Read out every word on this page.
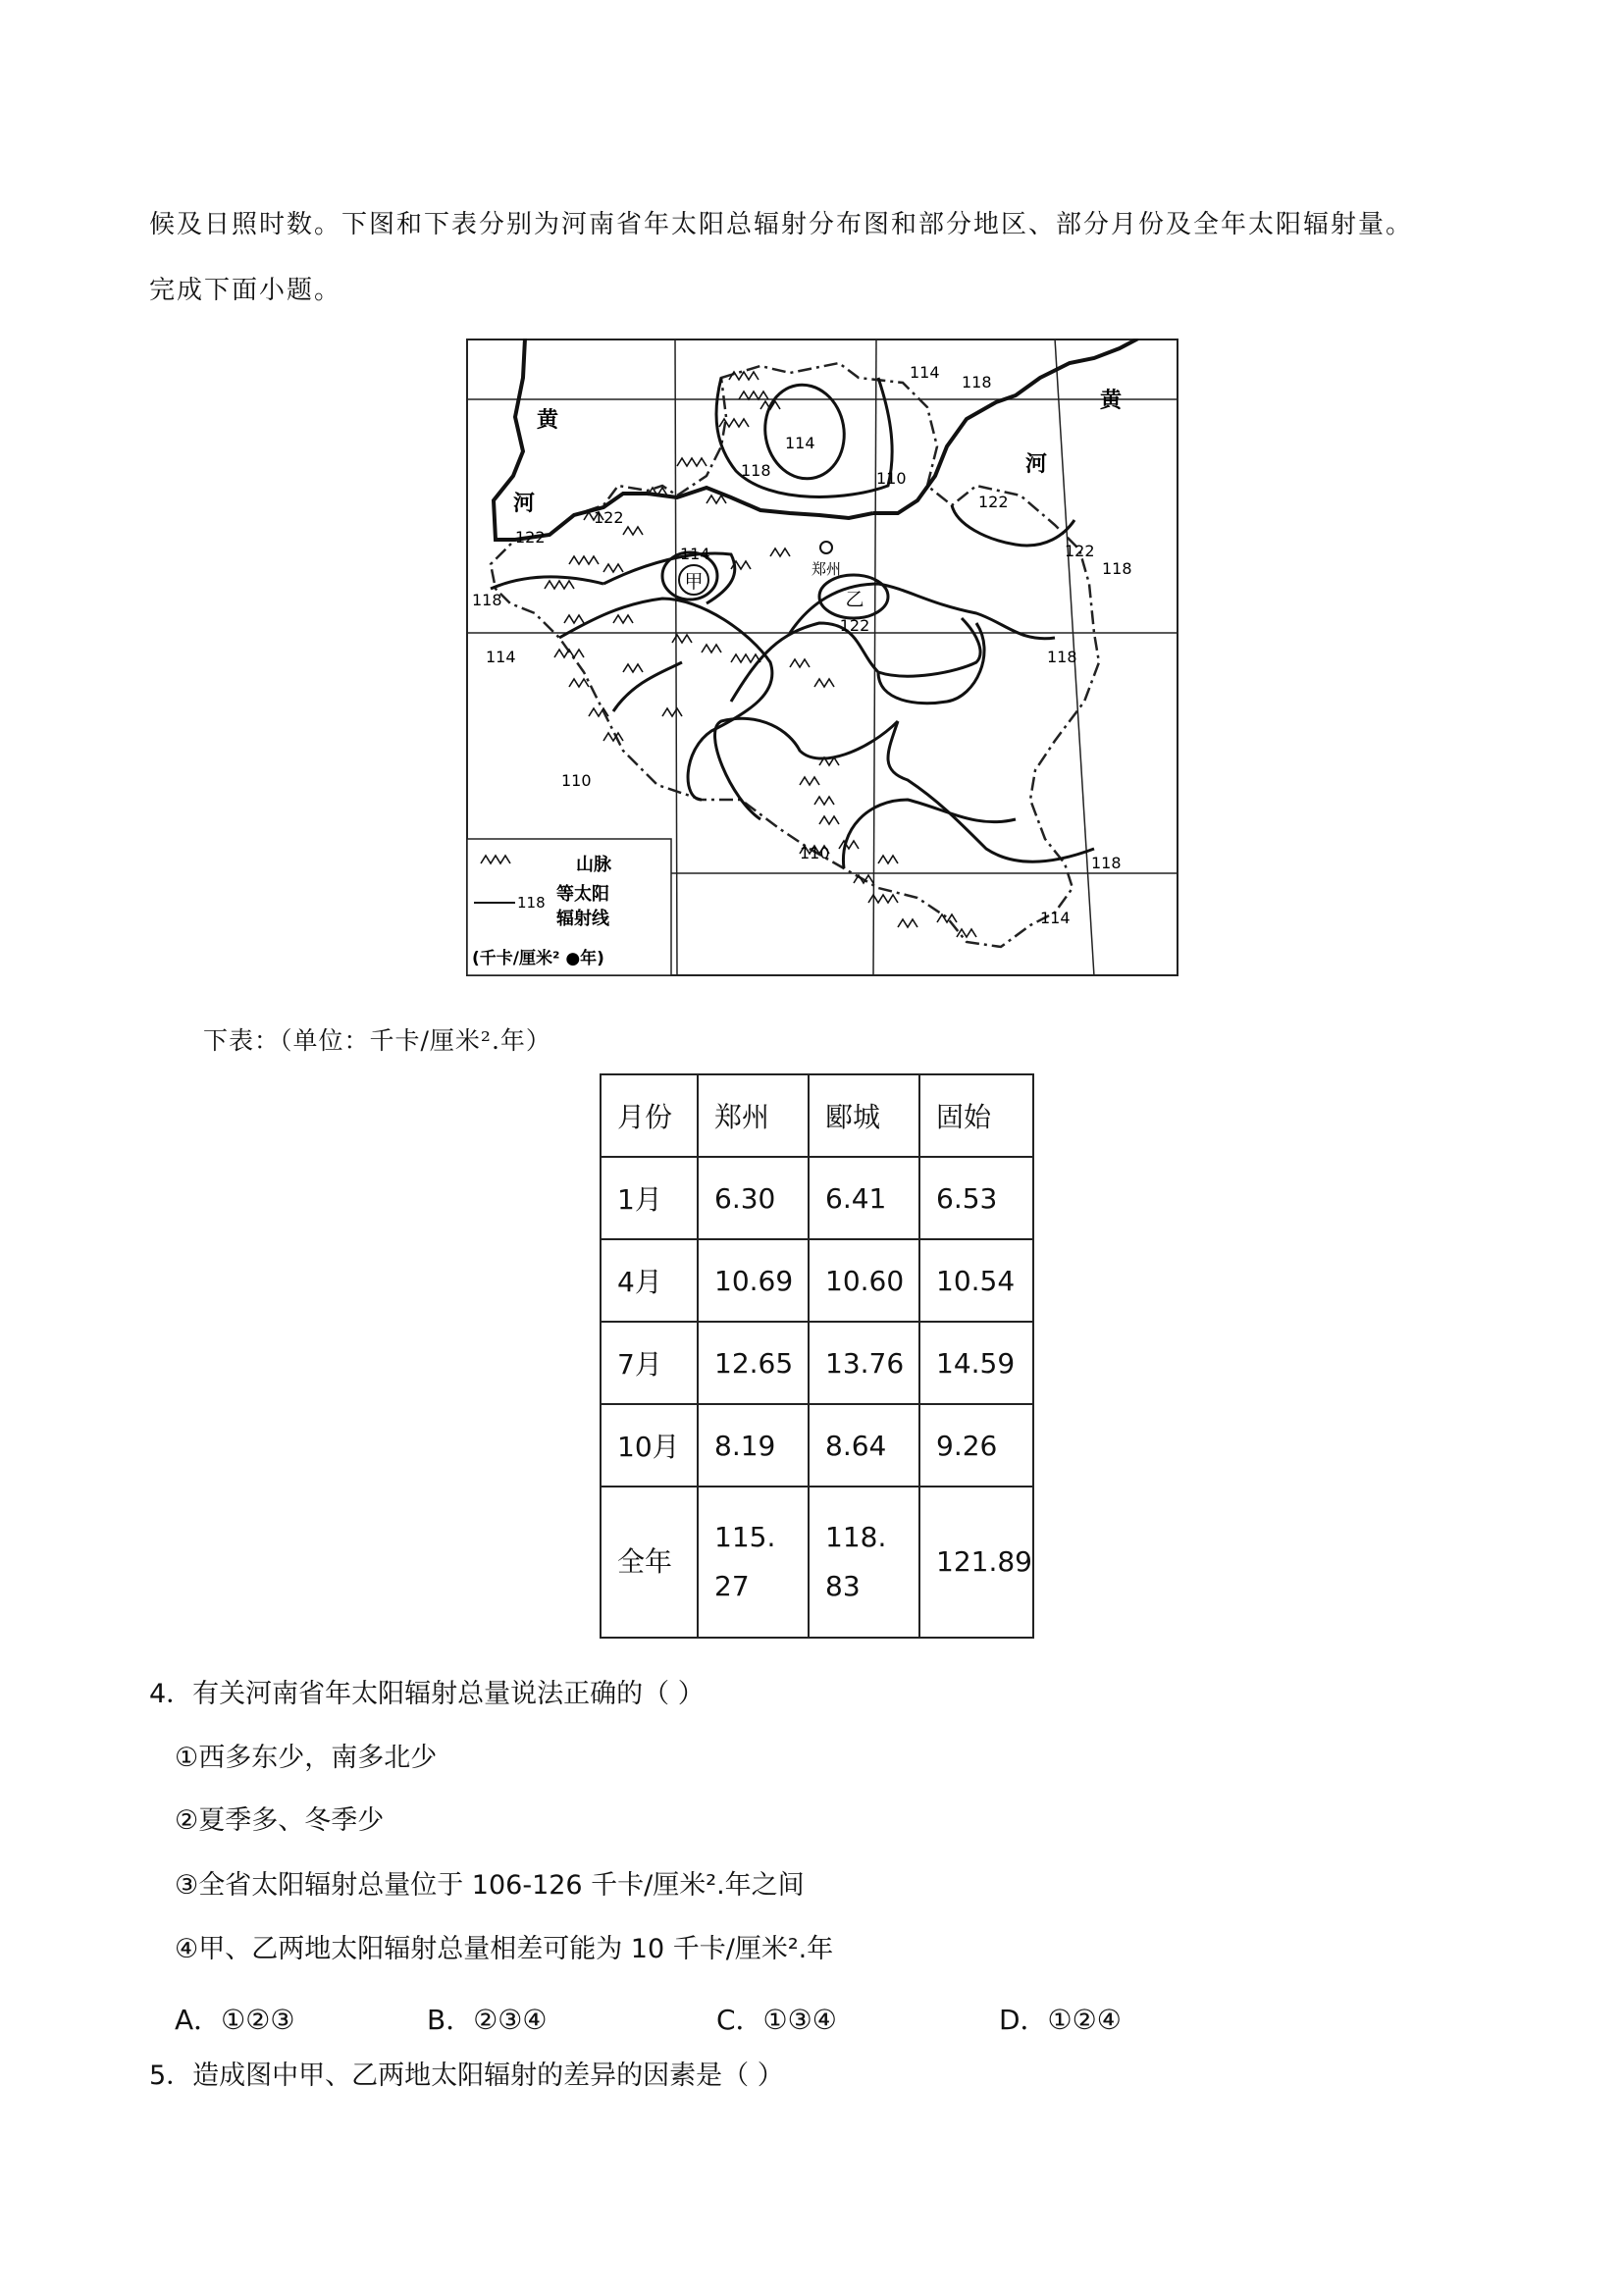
候及日照时数。下图和下表分别为河南省年太阳总辐射分布图和部分地区、部分月份及全年太阳辐射量。
完成下面小题。
郑州
甲
乙
黄
河
黄
河
114
118
114
118	110
122
122
122
118
114	122
118
114	118
110
110
118
114
122
山脉
118 等太阳
辐射线
(千卡/厘米² ●年)
下表：（单位：千卡/厘米².年）
月份	郑州	郾城	固始
1月	6.30	6.41	6.53
4月	10.69	10.60	10.54
7月	12.65	13.76	14.59
10月	8.19	8.64	9.26
全年	115.27	118.83	121.89
4．有关河南省年太阳辐射总量说法正确的（ ）
①西多东少，南多北少
②夏季多、冬季少
③全省太阳辐射总量位于 106-126 千卡/厘米².年之间
④甲、乙两地太阳辐射总量相差可能为 10 千卡/厘米².年
A．①②③	B．②③④	C．①③④	D．①②④
5．造成图中甲、乙两地太阳辐射的差异的因素是（ ）
